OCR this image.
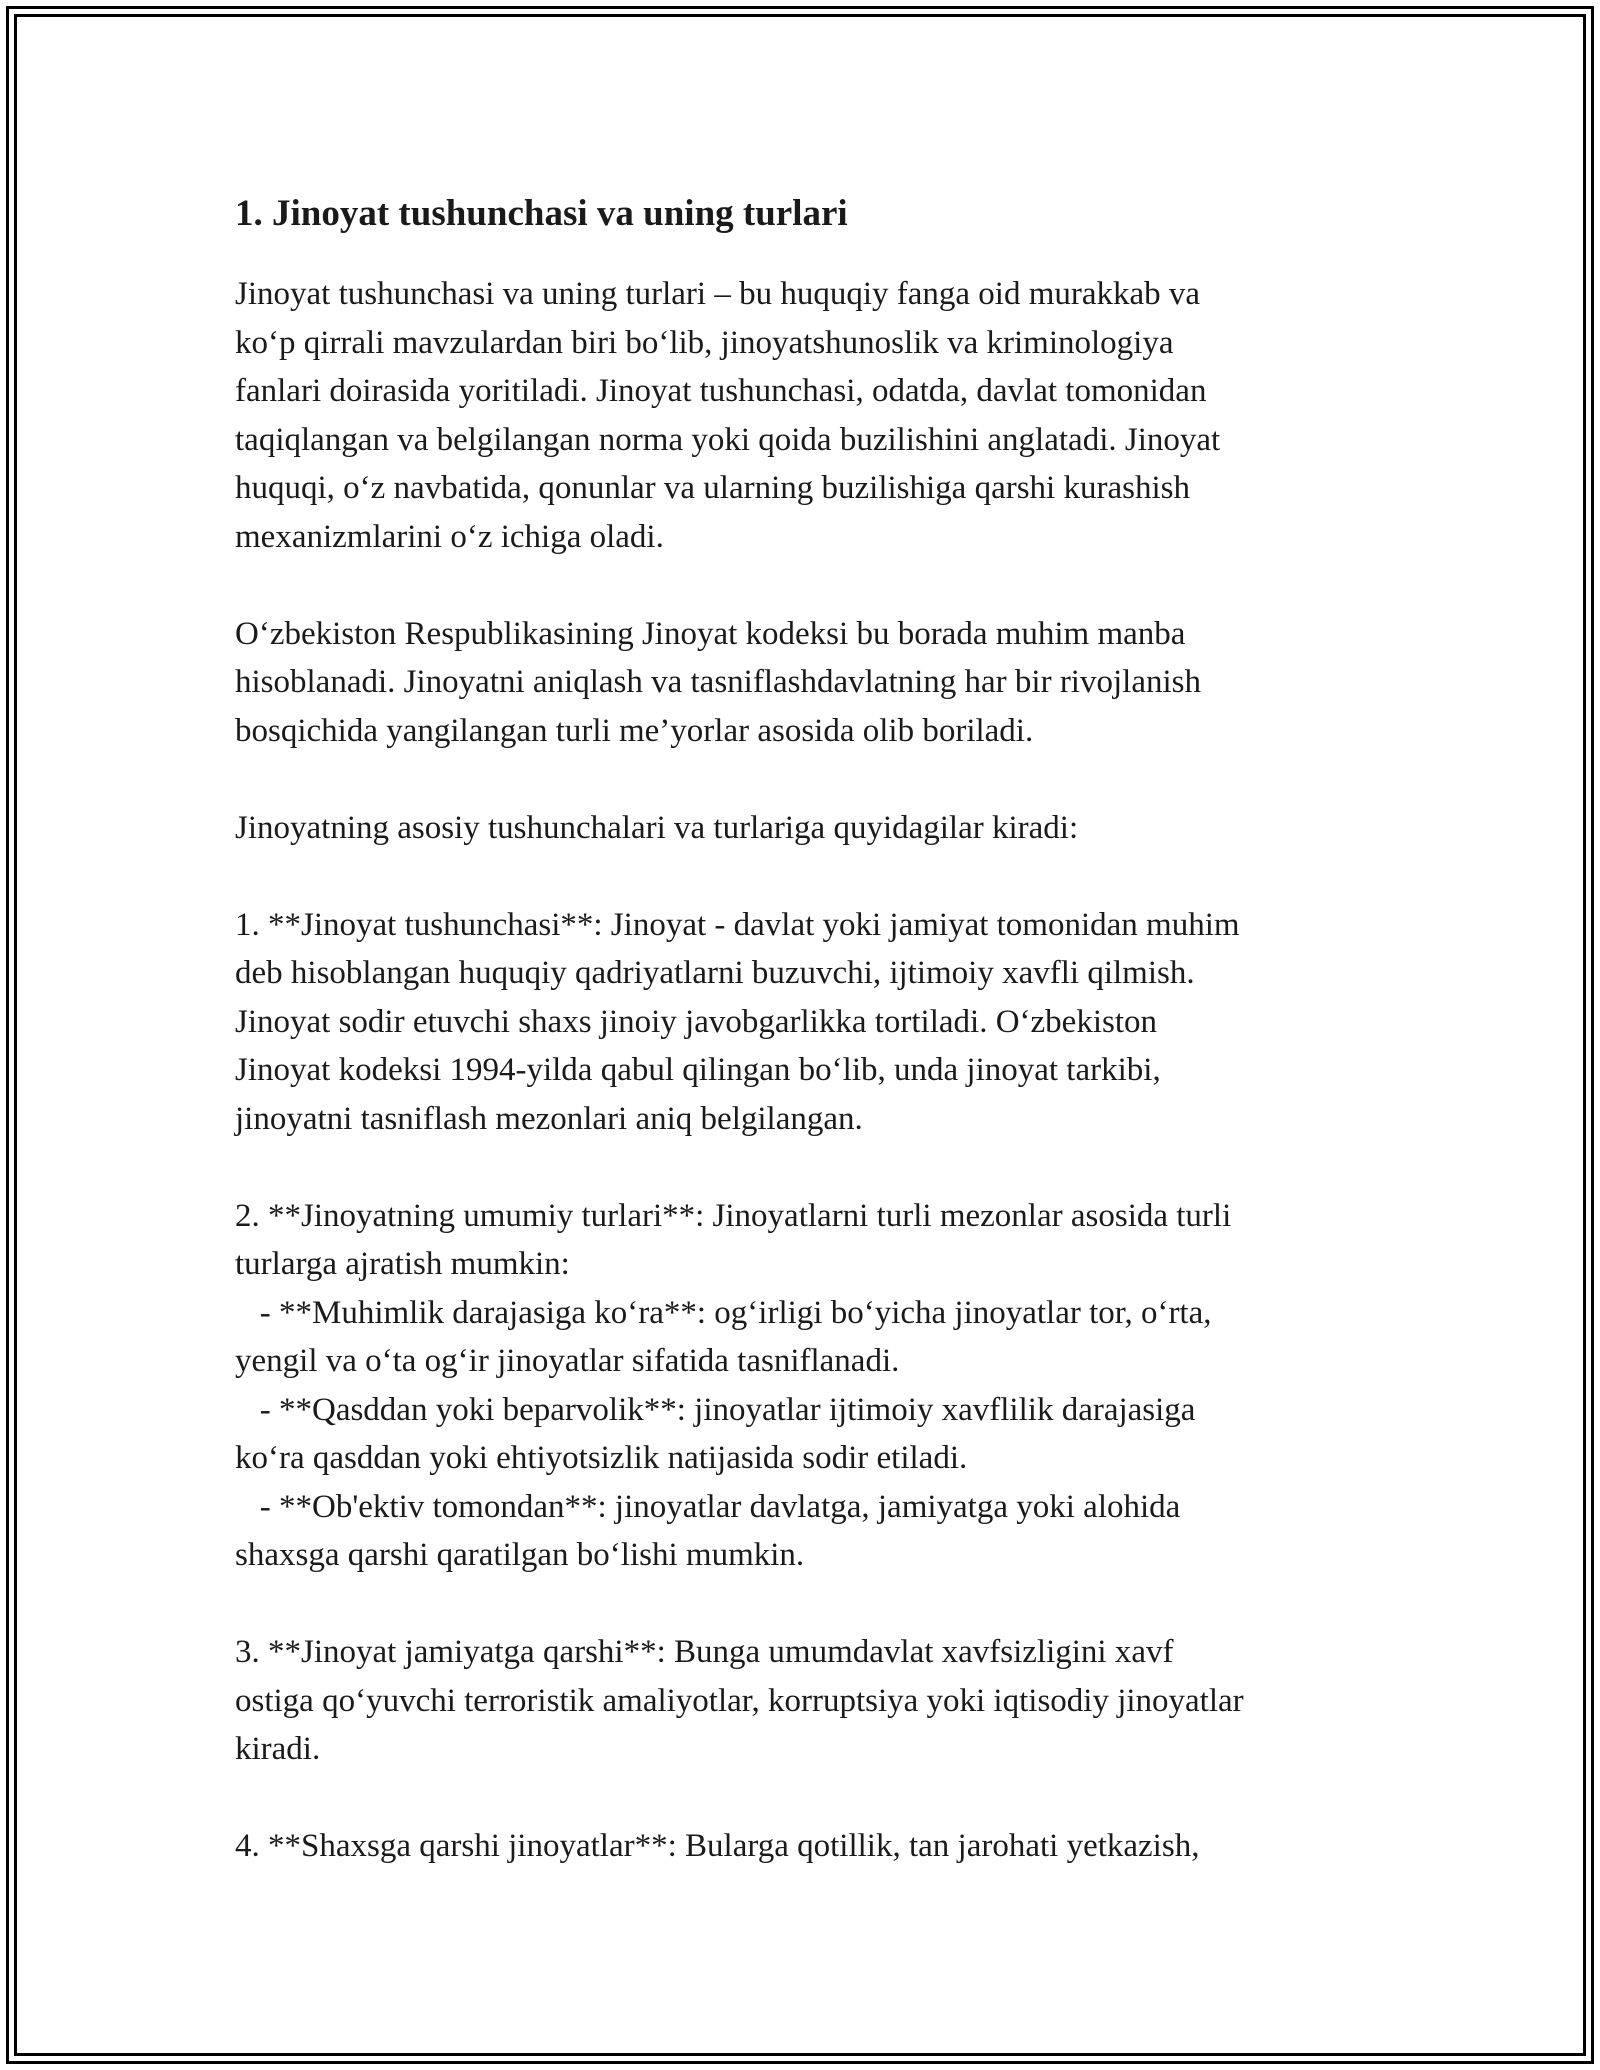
1. Jinoyat tushunchasi va uning turlari

Jinoyat tushunchasi va uning turlari – bu huquqiy fanga oid murakkab va
ko‘p qirrali mavzulardan biri bo‘lib, jinoyatshunoslik va kriminologiya
fanlari doirasida yoritiladi. Jinoyat tushunchasi, odatda, davlat tomonidan
taqiqlangan va belgilangan norma yoki qoida buzilishini anglatadi. Jinoyat
huquqi, o‘z navbatida, qonunlar va ularning buzilishiga qarshi kurashish
mexanizmlarini o‘z ichiga oladi.

O‘zbekiston Respublikasining Jinoyat kodeksi bu borada muhim manba
hisoblanadi. Jinoyatni aniqlash va tasniflashdavlatning har bir rivojlanish
bosqichida yangilangan turli me’yorlar asosida olib boriladi.

Jinoyatning asosiy tushunchalari va turlariga quyidagilar kiradi:

1. **Jinoyat tushunchasi**: Jinoyat - davlat yoki jamiyat tomonidan muhim
deb hisoblangan huquqiy qadriyatlarni buzuvchi, ijtimoiy xavfli qilmish.
Jinoyat sodir etuvchi shaxs jinoiy javobgarlikka tortiladi. O‘zbekiston
Jinoyat kodeksi 1994-yilda qabul qilingan bo‘lib, unda jinoyat tarkibi,
jinoyatni tasniflash mezonlari aniq belgilangan.

2. **Jinoyatning umumiy turlari**: Jinoyatlarni turli mezonlar asosida turli
turlarga ajratish mumkin:
- **Muhimlik darajasiga ko‘ra**: og‘irligi bo‘yicha jinoyatlar tor, o‘rta,
yengil va o‘ta og‘ir jinoyatlar sifatida tasniflanadi.
- **Qasddan yoki beparvolik**: jinoyatlar ijtimoiy xavflilik darajasiga
ko‘ra qasddan yoki ehtiyotsizlik natijasida sodir etiladi.
- **Ob'ektiv tomondan**: jinoyatlar davlatga, jamiyatga yoki alohida
shaxsga qarshi qaratilgan bo‘lishi mumkin.

3. **Jinoyat jamiyatga qarshi**: Bunga umumdavlat xavfsizligini xavf
ostiga qo‘yuvchi terroristik amaliyotlar, korruptsiya yoki iqtisodiy jinoyatlar
kiradi.

4. **Shaxsga qarshi jinoyatlar**: Bularga qotillik, tan jarohati yetkazish,
